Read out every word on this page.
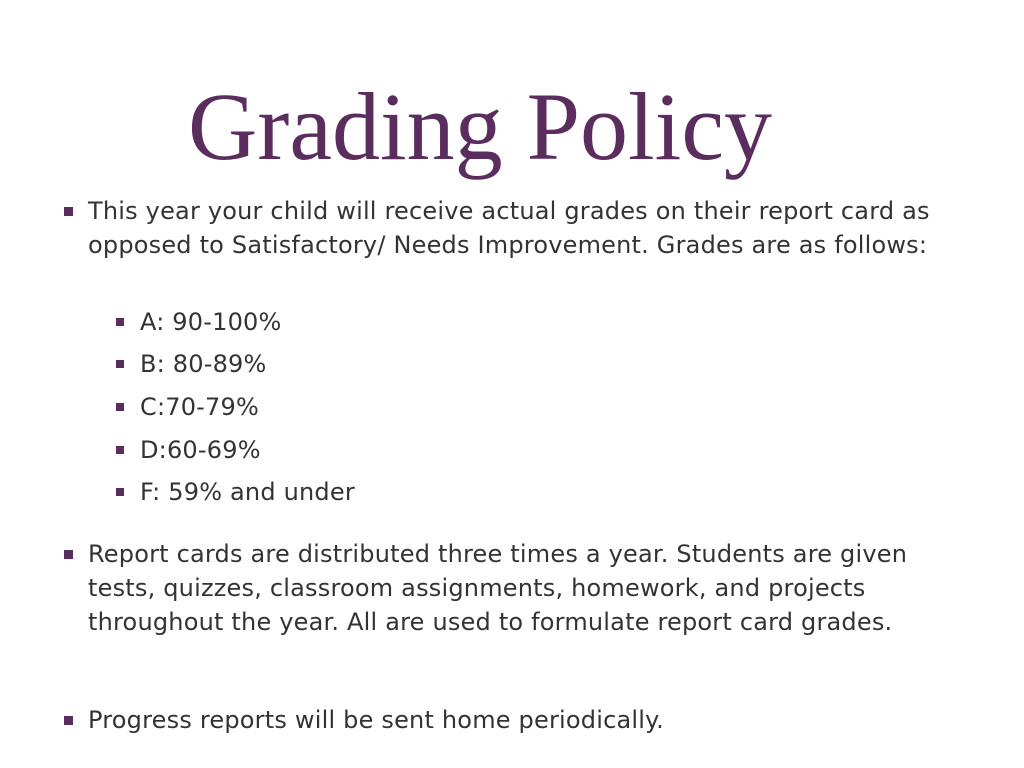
Grading Policy

This year your child will receive actual grades on their report card as opposed to Satisfactory/ Needs Improvement. Grades are as follows:

A: 90-100%

B: 80-89%

C:70-79%

D:60-69%

F: 59% and under

Report cards are distributed three times a year. Students are given tests, quizzes, classroom assignments, homework, and projects throughout the year. All are used to formulate report card grades.

Progress reports will be sent home periodically.
